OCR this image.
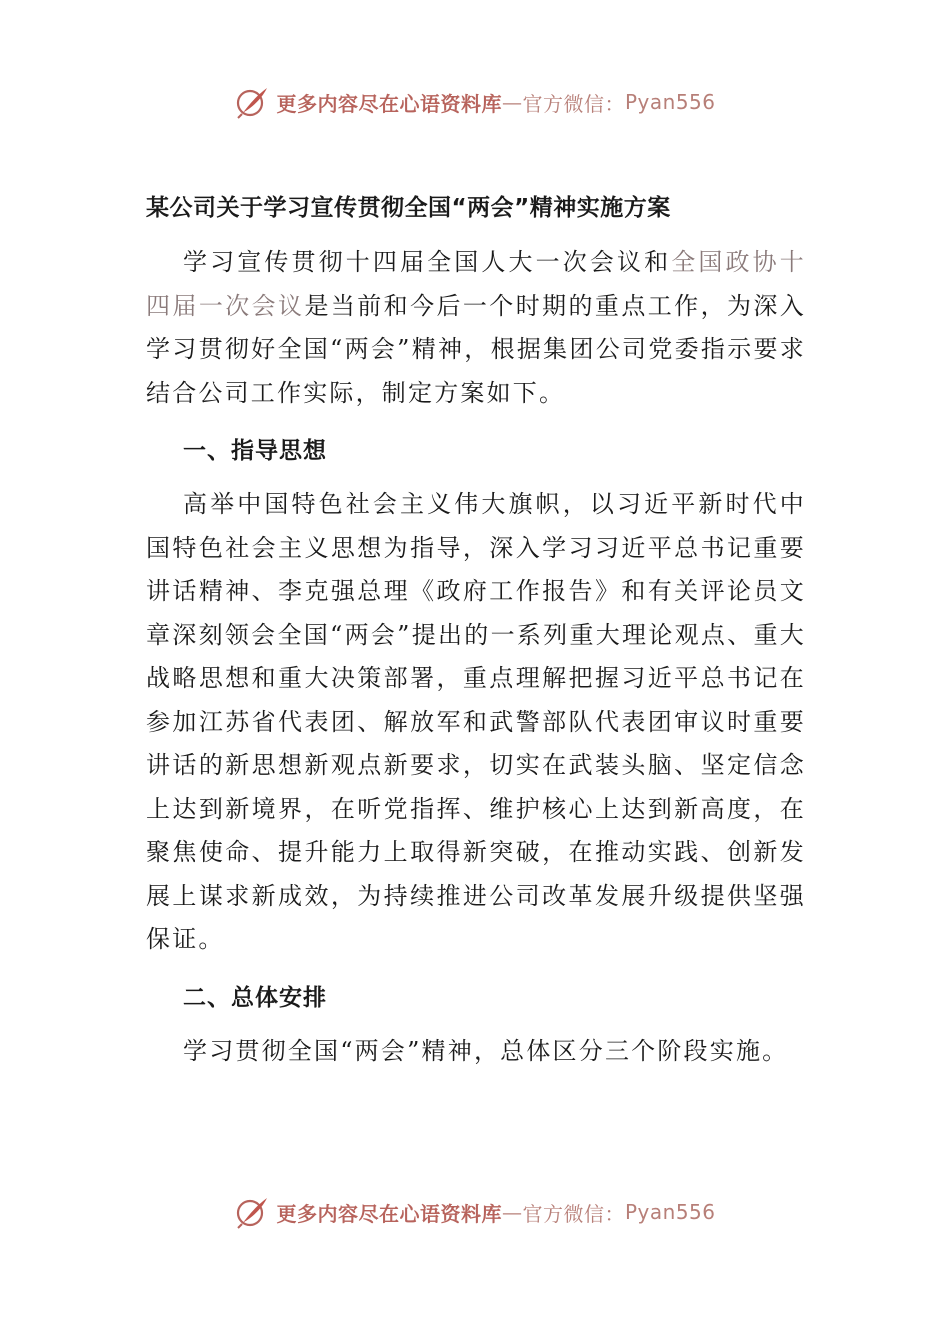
更多内容尽在心语资料库 — 官方微信： Pyan556
某公司关于学习宣传贯彻全国“两会”精神实施方案

学习宣传贯彻十四届全国人大一次会议和全国政协十四届一次会议是当前和今后一个时期的重点工作，为深入学习贯彻好全国“两会”精神，根据集团公司党委指示要求结合公司工作实际，制定方案如下。

一、指导思想

高举中国特色社会主义伟大旗帜，以习近平新时代中国特色社会主义思想为指导，深入学习习近平总书记重要讲话精神、李克强总理《政府工作报告》和有关评论员文章深刻领会全国“两会”提出的一系列重大理论观点、重大战略思想和重大决策部署，重点理解把握习近平总书记在参加江苏省代表团、解放军和武警部队代表团审议时重要讲话的新思想新观点新要求，切实在武装头脑、坚定信念上达到新境界，在听党指挥、维护核心上达到新高度，在聚焦使命、提升能力上取得新突破，在推动实践、创新发展上谋求新成效，为持续推进公司改革发展升级提供坚强保证。

二、总体安排

学习贯彻全国“两会”精神，总体区分三个阶段实施。

更多内容尽在心语资料库 — 官方微信： Pyan556
